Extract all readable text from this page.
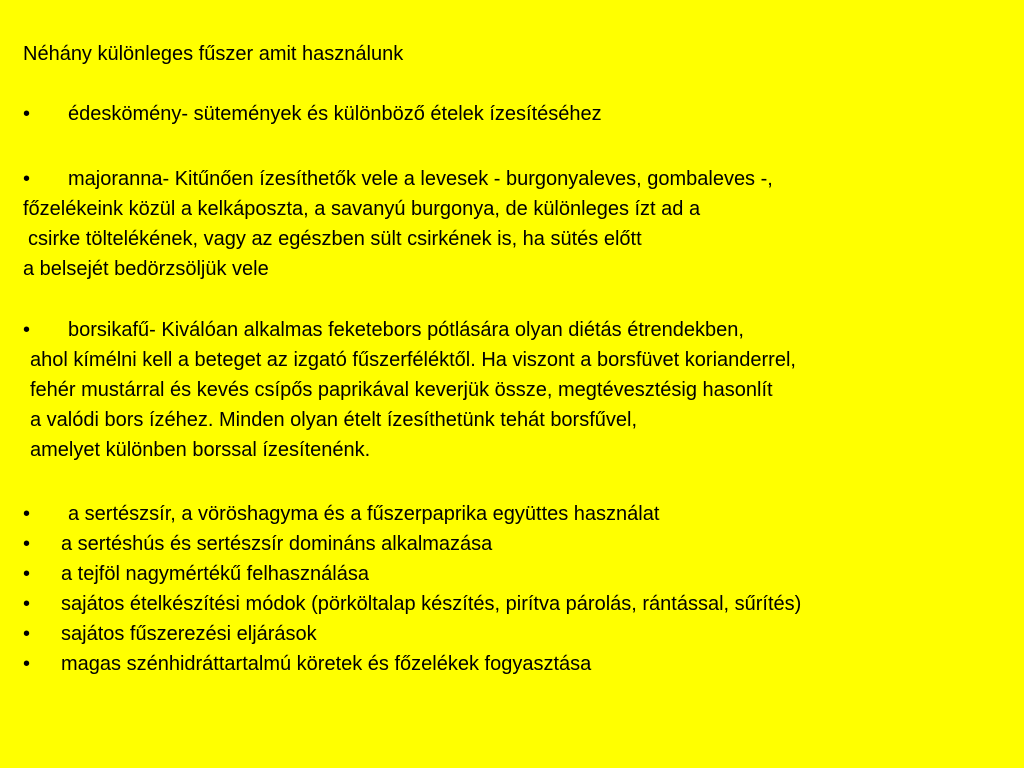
Néhány különleges fűszer amit használunk
• édeskömény- sütemények és különböző ételek ízesítéséhez
• majoranna- Kitűnően ízesíthetők vele a levesek - burgonyaleves, gombaleves -,
főzelékeink közül a kelkáposzta, a savanyú burgonya, de különleges ízt ad a
csirke töltelékének, vagy az egészben sült csirkének is, ha sütés előtt
a belsejét bedörzsöljük vele
• borsikafű- Kiválóan alkalmas feketebors pótlására olyan diétás étrendekben,
ahol kímélni kell a beteget az izgató fűszerféléktől. Ha viszont a borsfüvet korianderrel,
fehér mustárral és kevés csípős paprikával keverjük össze, megtévesztésig hasonlít
a valódi bors ízéhez. Minden olyan ételt ízesíthetünk tehát borsfűvel,
amelyet különben borssal ízesítenénk.
• a sertészsír, a vöröshagyma és a fűszerpaprika együttes használat
• a sertéshús és sertészsír domináns alkalmazása
• a tejföl nagymértékű felhasználása
• sajátos ételkészítési módok (pörköltalap készítés, pirítva párolás, rántással, sűrítés)
• sajátos fűszerezési eljárások
• magas szénhidráttartalmú köretek és főzelékek fogyasztása
